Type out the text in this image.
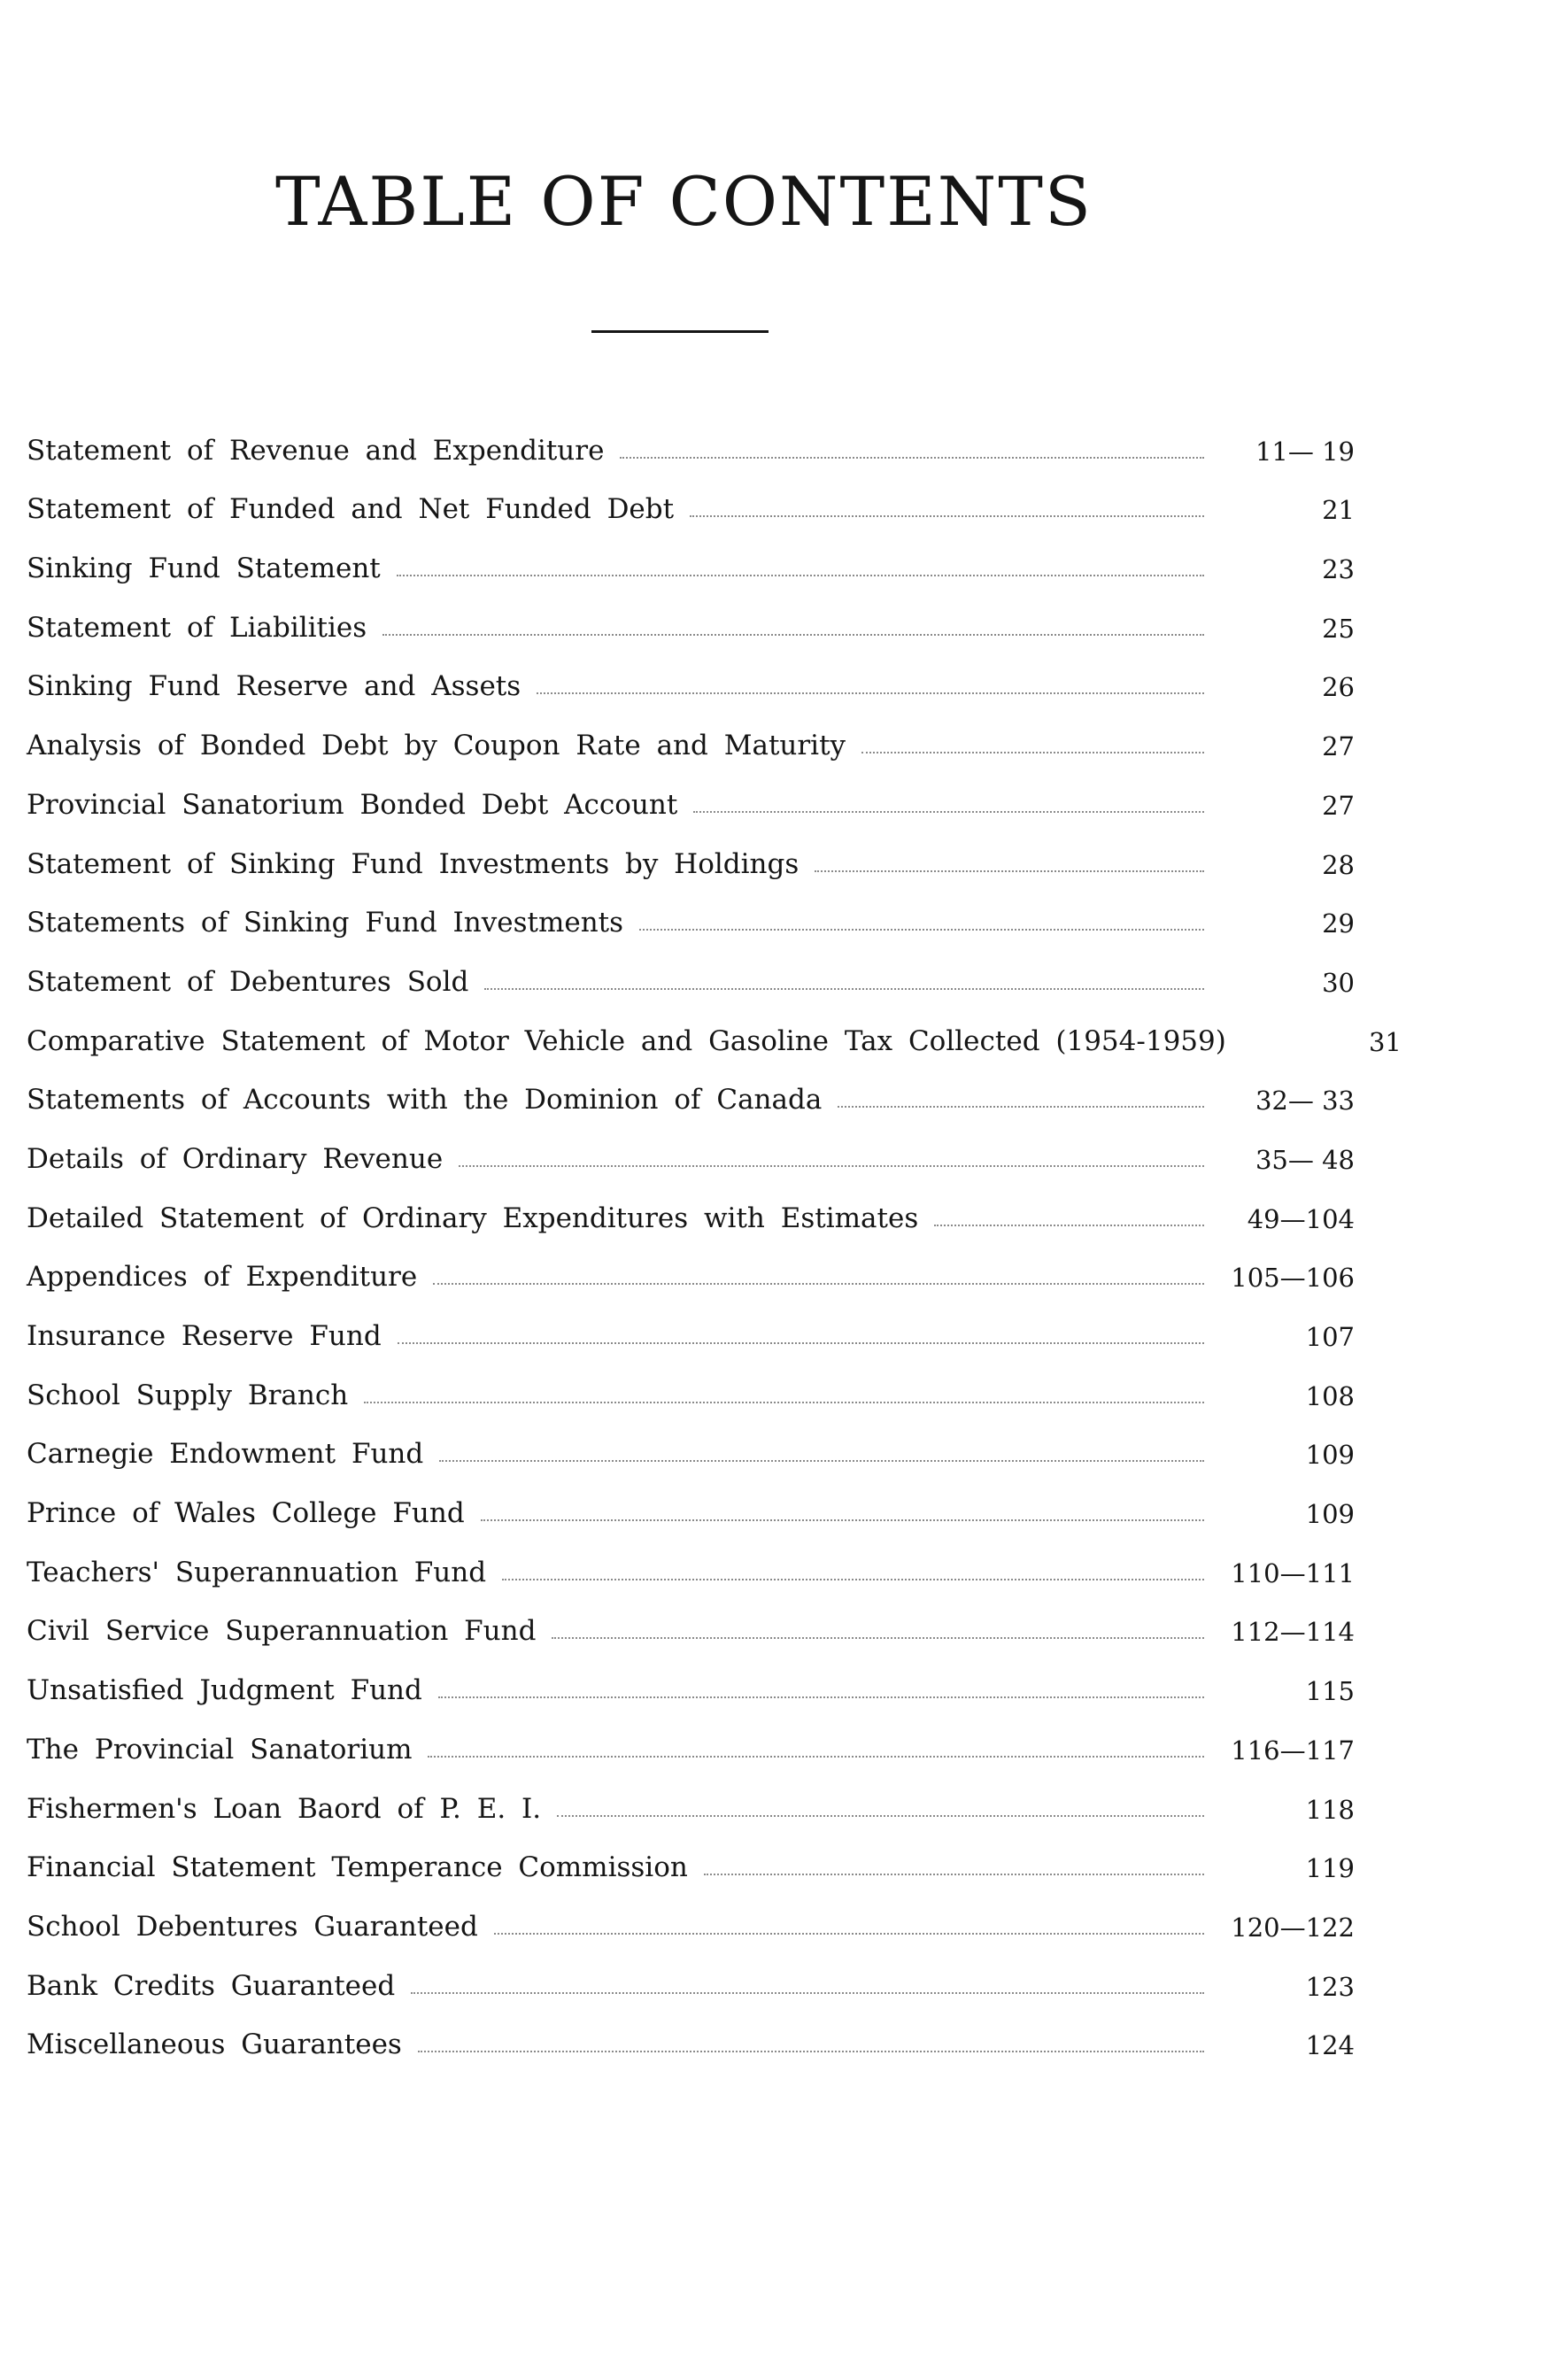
TABLE OF CONTENTS
Statement of Revenue and Expenditure	11— 19
Statement of Funded and Net Funded Debt	21
Sinking Fund Statement	23
Statement of Liabilities	25
Sinking Fund Reserve and Assets	26
Analysis of Bonded Debt by Coupon Rate and Maturity	27
Provincial Sanatorium Bonded Debt Account	27
Statement of Sinking Fund Investments by Holdings	28
Statements of Sinking Fund Investments	29
Statement of Debentures Sold	30
Comparative Statement of Motor Vehicle and Gasoline Tax Collected (1954-1959)	31
Statements of Accounts with the Dominion of Canada	32— 33
Details of Ordinary Revenue	35— 48
Detailed Statement of Ordinary Expenditures with Estimates	49—104
Appendices of Expenditure	105—106
Insurance Reserve Fund	107
School Supply Branch	108
Carnegie Endowment Fund	109
Prince of Wales College Fund	109
Teachers' Superannuation Fund	110—111
Civil Service Superannuation Fund	112—114
Unsatisfied Judgment Fund	115
The Provincial Sanatorium	116—117
Fishermen's Loan Baord of P. E. I.	118
Financial Statement Temperance Commission	119
School Debentures Guaranteed	120—122
Bank Credits Guaranteed	123
Miscellaneous Guarantees	124
